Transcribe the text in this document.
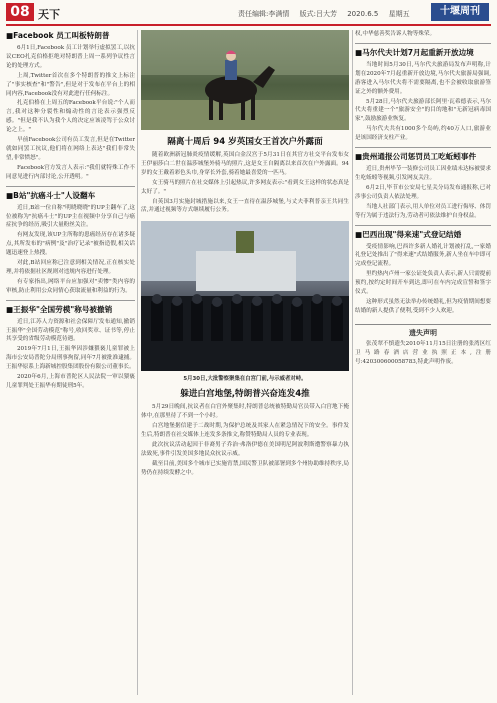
08 天下	责任编辑:李满情 版式:吕大芳 2020.6.5 星期五	十堰周刊
■Facebook 员工叫板特朗普

6月1日,Facebook 员工计划举行虚拟罢工,以抗议CEO扎克伯格拒绝对特朗普上周一系列争议性言论的处理方式。

上周,Twitter首次在多个特朗普的推文上标注了"事实核查"和"警告",但是对于发布在平台上的相同内容,Facebook没有对此进行任何标注。

扎克伯格在上周五的Facebook平台说:"个人而言,我对这种分裂性和煽动性的言论表示强烈反感。"但是我不认为我个人的决定应该凌驾于公众讨论之上。"

早前Facebook公司有员工发言,但是在Twitter就如同罢工抗议,他们将在网络上表达"我们非常失望,非常愤怒"。

Facebook官方发言人表示:"我们就特殊工作不同意见进行内部讨论,公开透明。"

■B站"抗癌斗士"人设翻车

近日,B站一位自称"明晓晓晓"的UP主翻车了,这位被称为"抗癌斗士"的UP主在视频中分享自己与癌症抗争的经历,吸引大量粉丝关注。

有网友发现,该UP主所称的患癌经历存在诸多疑点,其所发布的"病例"及"治疗记录"被指造假,相关话题迅速登上热搜。

对此,B站回应称已注意到相关情况,正在核实处理,并将依据社区规则对违规内容进行处理。

有专家指出,网络平台应加强对"卖惨"类内容的审核,防止利用公众同情心获取流量和利益的行为。

■王振华"全国劳模"称号被撤销

近日,江苏人力资源和社会保障厅发布通知,撤销王振华"全国劳动模范"称号,收回奖章、证书等,停止其享受的省级劳动模范待遇。

2019年7月1日,王振华因涉嫌猥亵儿童罪被上海市公安局普陀分局刑事拘留,同年7月被批准逮捕。王振华原系上海新城控股集团股份有限公司董事长。

2020年6月,上海市普陀区人民法院一审以猥亵儿童罪判处王振华有期徒刑5年。

隔离十周后 94 岁英国女王首次户外露面

随着欧洲新冠肺炎疫情缓解,英国白金汉宫于5月31日在其官方社交平台发布女王伊丽莎白二世在温莎城堡外骑马的照片,这是女王自隔离以来首次在户外露面。94岁的女王戴着彩色头巾,身穿长外套,骑着她最喜爱的一匹马。

女王骑马的照片在社交媒体上引起热议,许多网友表示:"看到女王这样的状态真是太好了。"

自英国3月实施封城措施以来,女王一直待在温莎城堡,与丈夫菲利普亲王共同生活,并通过视频等方式继续履行公务。

5月30日,大批警察聚集在白宫门前,与示威者对峙。
躲进白宫地堡,特朗普兴奋连发4推

5月29日晚间,抗议者在白宫外聚集时,特朗普总统被特勤局官员带入白宫地下掩体中,在那里待了不到一个小时。

白宫地堡据信建于二战时期,为保护总统及其家人在紧急情况下的安全。事件发生后,特朗普在社交媒体上连发多条推文,称赞特勤局人员的专业表现。

此次抗议活动起因于非裔男子乔治·弗洛伊德在美国明尼阿波利斯遭警察暴力执法致死,事件引发美国多地民众抗议示威。

截至目前,美国多个城市已实施宵禁,国民警卫队被部署到多个州协助维持秩序,局势仍在持续发酵之中。

权,中华慈善奖告诉人物等殊荣。

■马尔代夫计划7月起重新开放边境

当地时间5月30日,马尔代夫旅游局发布声明称,计划在2020年7月起重新开放边境,马尔代夫旅游局强调,游客进入马尔代夫将不需要隔离,也不会被收取旅游签证之外的额外费用。

5月28日,马尔代夫旅游部长阿里·瓦希德表示,马尔代夫将重建一个"旅游安全"的目的地和"无新冠病毒国家",鼓励旅游业恢复。

马尔代夫共有1000多个岛屿,约40万人口,旅游业是该国经济支柱产业。

■贵州通报公司惩罚员工吃蚯蚓事件

近日,贵州毕节一装修公司员工因业绩未达标被要求生吃蚯蚓等视频,引发网友关注。

6月2日,毕节市公安局七星关分局发布通报称,已对涉事公司负责人依法处理。

当地人社部门表示,用人单位对员工进行侮辱、体罚等行为属于违法行为,劳动者可依法维护自身权益。

■巴西出现"得来速"式登记结婚

受疫情影响,巴西许多新人婚礼计划被打乱,一家婚礼登记处推出了"得来速"式结婚服务,新人坐在车中即可完成登记流程。

里约热内卢州一家公证处负责人表示,新人只需提前预约,按约定时间开车到达,即可在车内完成宣誓和签字仪式。

这种形式虽然无法举办传统婚礼,但为疫情期间想要结婚的新人提供了便利,受到不少人欢迎。

遗失声明

张茂翠不慎遗失2010年11月15日注册的张湾区红卫马路春酒店营业执照正本,注册号:420300600058783,特此声明作废。
